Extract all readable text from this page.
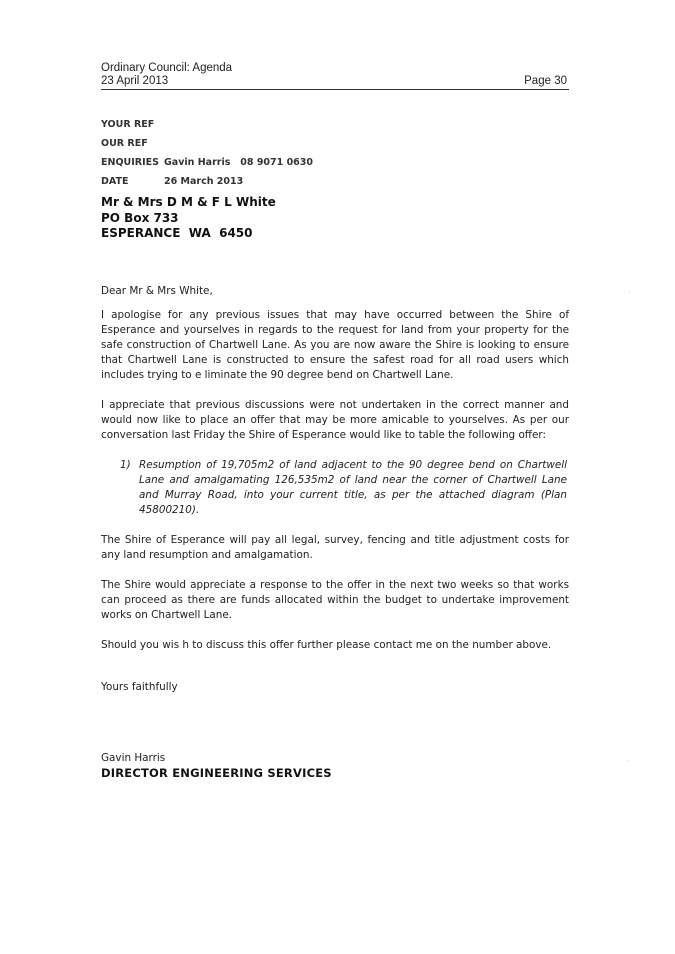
Ordinary Council: Agenda
23 April 2013	Page 30
YOUR REF
OUR REF
ENQUIRIES Gavin Harris   08 9071 0630
DATE	26 March 2013
Mr & Mrs D M & F L White
PO Box 733
ESPERANCE  WA  6450

Dear Mr & Mrs White,

I apologise for any previous issues that may have occurred between the Shire of Esperance and yourselves in regards to the request for land from your property for the safe construction of Chartwell Lane. As you are now aware the Shire is looking to ensure that Chartwell Lane is constructed to ensure the safest road for all road users which includes trying to e liminate the 90 degree bend on Chartwell Lane.

I appreciate that previous discussions were not undertaken in the correct manner and would now like to place an offer that may be more amicable to yourselves. As per our conversation last Friday the Shire of Esperance would like to table the following offer:

1) Resumption of 19,705m2 of land adjacent to the 90 degree bend on Chartwell Lane and amalgamating 126,535m2 of land near the corner of Chartwell Lane and Murray Road, into your current title, as per the attached diagram (Plan 45800210).

The Shire of Esperance will pay all legal, survey, fencing and title adjustment costs for any land resumption and amalgamation.

The Shire would appreciate a response to the offer in the next two weeks so that works can proceed as there are funds allocated within the budget to undertake improvement works on Chartwell Lane.

Should you wis h to discuss this offer further please contact me on the number above.

Yours faithfully
Gavin Harris
DIRECTOR ENGINEERING SERVICES
